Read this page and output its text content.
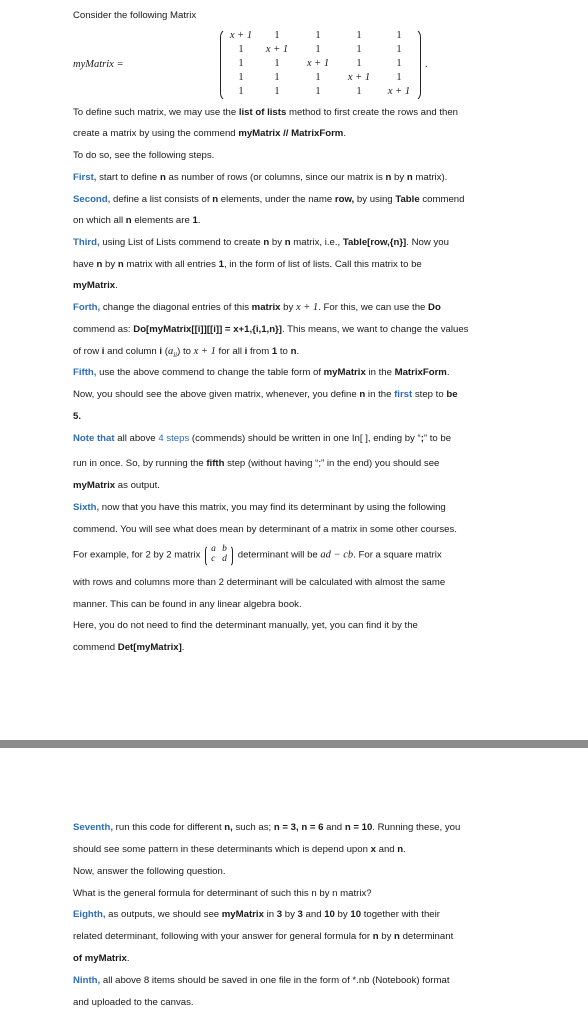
Consider the following Matrix
myMatrix =
x + 1	1	1	1	1
1	x + 1	1	1	1
1	1	x + 1	1	1
1	1	1	x + 1	1
1	1	1	1	x + 1
.
To define such matrix, we may use the list of lists method to first create the rows and then
create a matrix by using the commend myMatrix // MatrixForm.
To do so, see the following steps.
First, start to define n as number of rows (or columns, since our matrix is n by n matrix).
Second, define a list consists of n elements, under the name row, by using Table commend
on which all n elements are 1.
Third, using List of Lists commend to create n by n matrix, i.e., Table[row,{n}]. Now you
have n by n matrix with all entries 1, in the form of list of lists. Call this matrix to be
myMatrix.
Forth, change the diagonal entries of this matrix by x + 1. For this, we can use the Do
commend as: Do[myMatrix[[i]][[i]] = x+1,{i,1,n}]. This means, we want to change the values
of row i and column i $(a_{ii})$ to x + 1 for all i from 1 to n.
Fifth, use the above commend to change the table form of myMatrix in the MatrixForm.
Now, you should see the above given matrix, whenever, you define n in the first step to be
5.
Note that all above 4 steps (commends) should be written in one In[ ], ending by “;” to be
run in once. So, by running the fifth step (without having “;” in the end) you should see
myMatrix as output.
Sixth, now that you have this matrix, you may find its determinant by using the following
commend. You will see what does mean by determinant of a matrix in some other courses.
For example, for 2 by 2 matrix
a b
c d determinant will be ad − cb. For a square matrix
with rows and columns more than 2 determinant will be calculated with almost the same
manner. This can be found in any linear algebra book.
Here, you do not need to find the determinant manually, yet, you can find it by the
commend Det[myMatrix].
Seventh, run this code for different n, such as; n = 3, n = 6 and n = 10. Running these, you
should see some pattern in these determinants which is depend upon x and n.
Now, answer the following question.
What is the general formula for determinant of such this n by n matrix?
Eighth, as outputs, we should see myMatrix in 3 by 3 and 10 by 10 together with their
related determinant, following with your answer for general formula for n by n determinant
of myMatrix.
Ninth, all above 8 items should be saved in one file in the form of *.nb (Notebook) format
and uploaded to the canvas.
